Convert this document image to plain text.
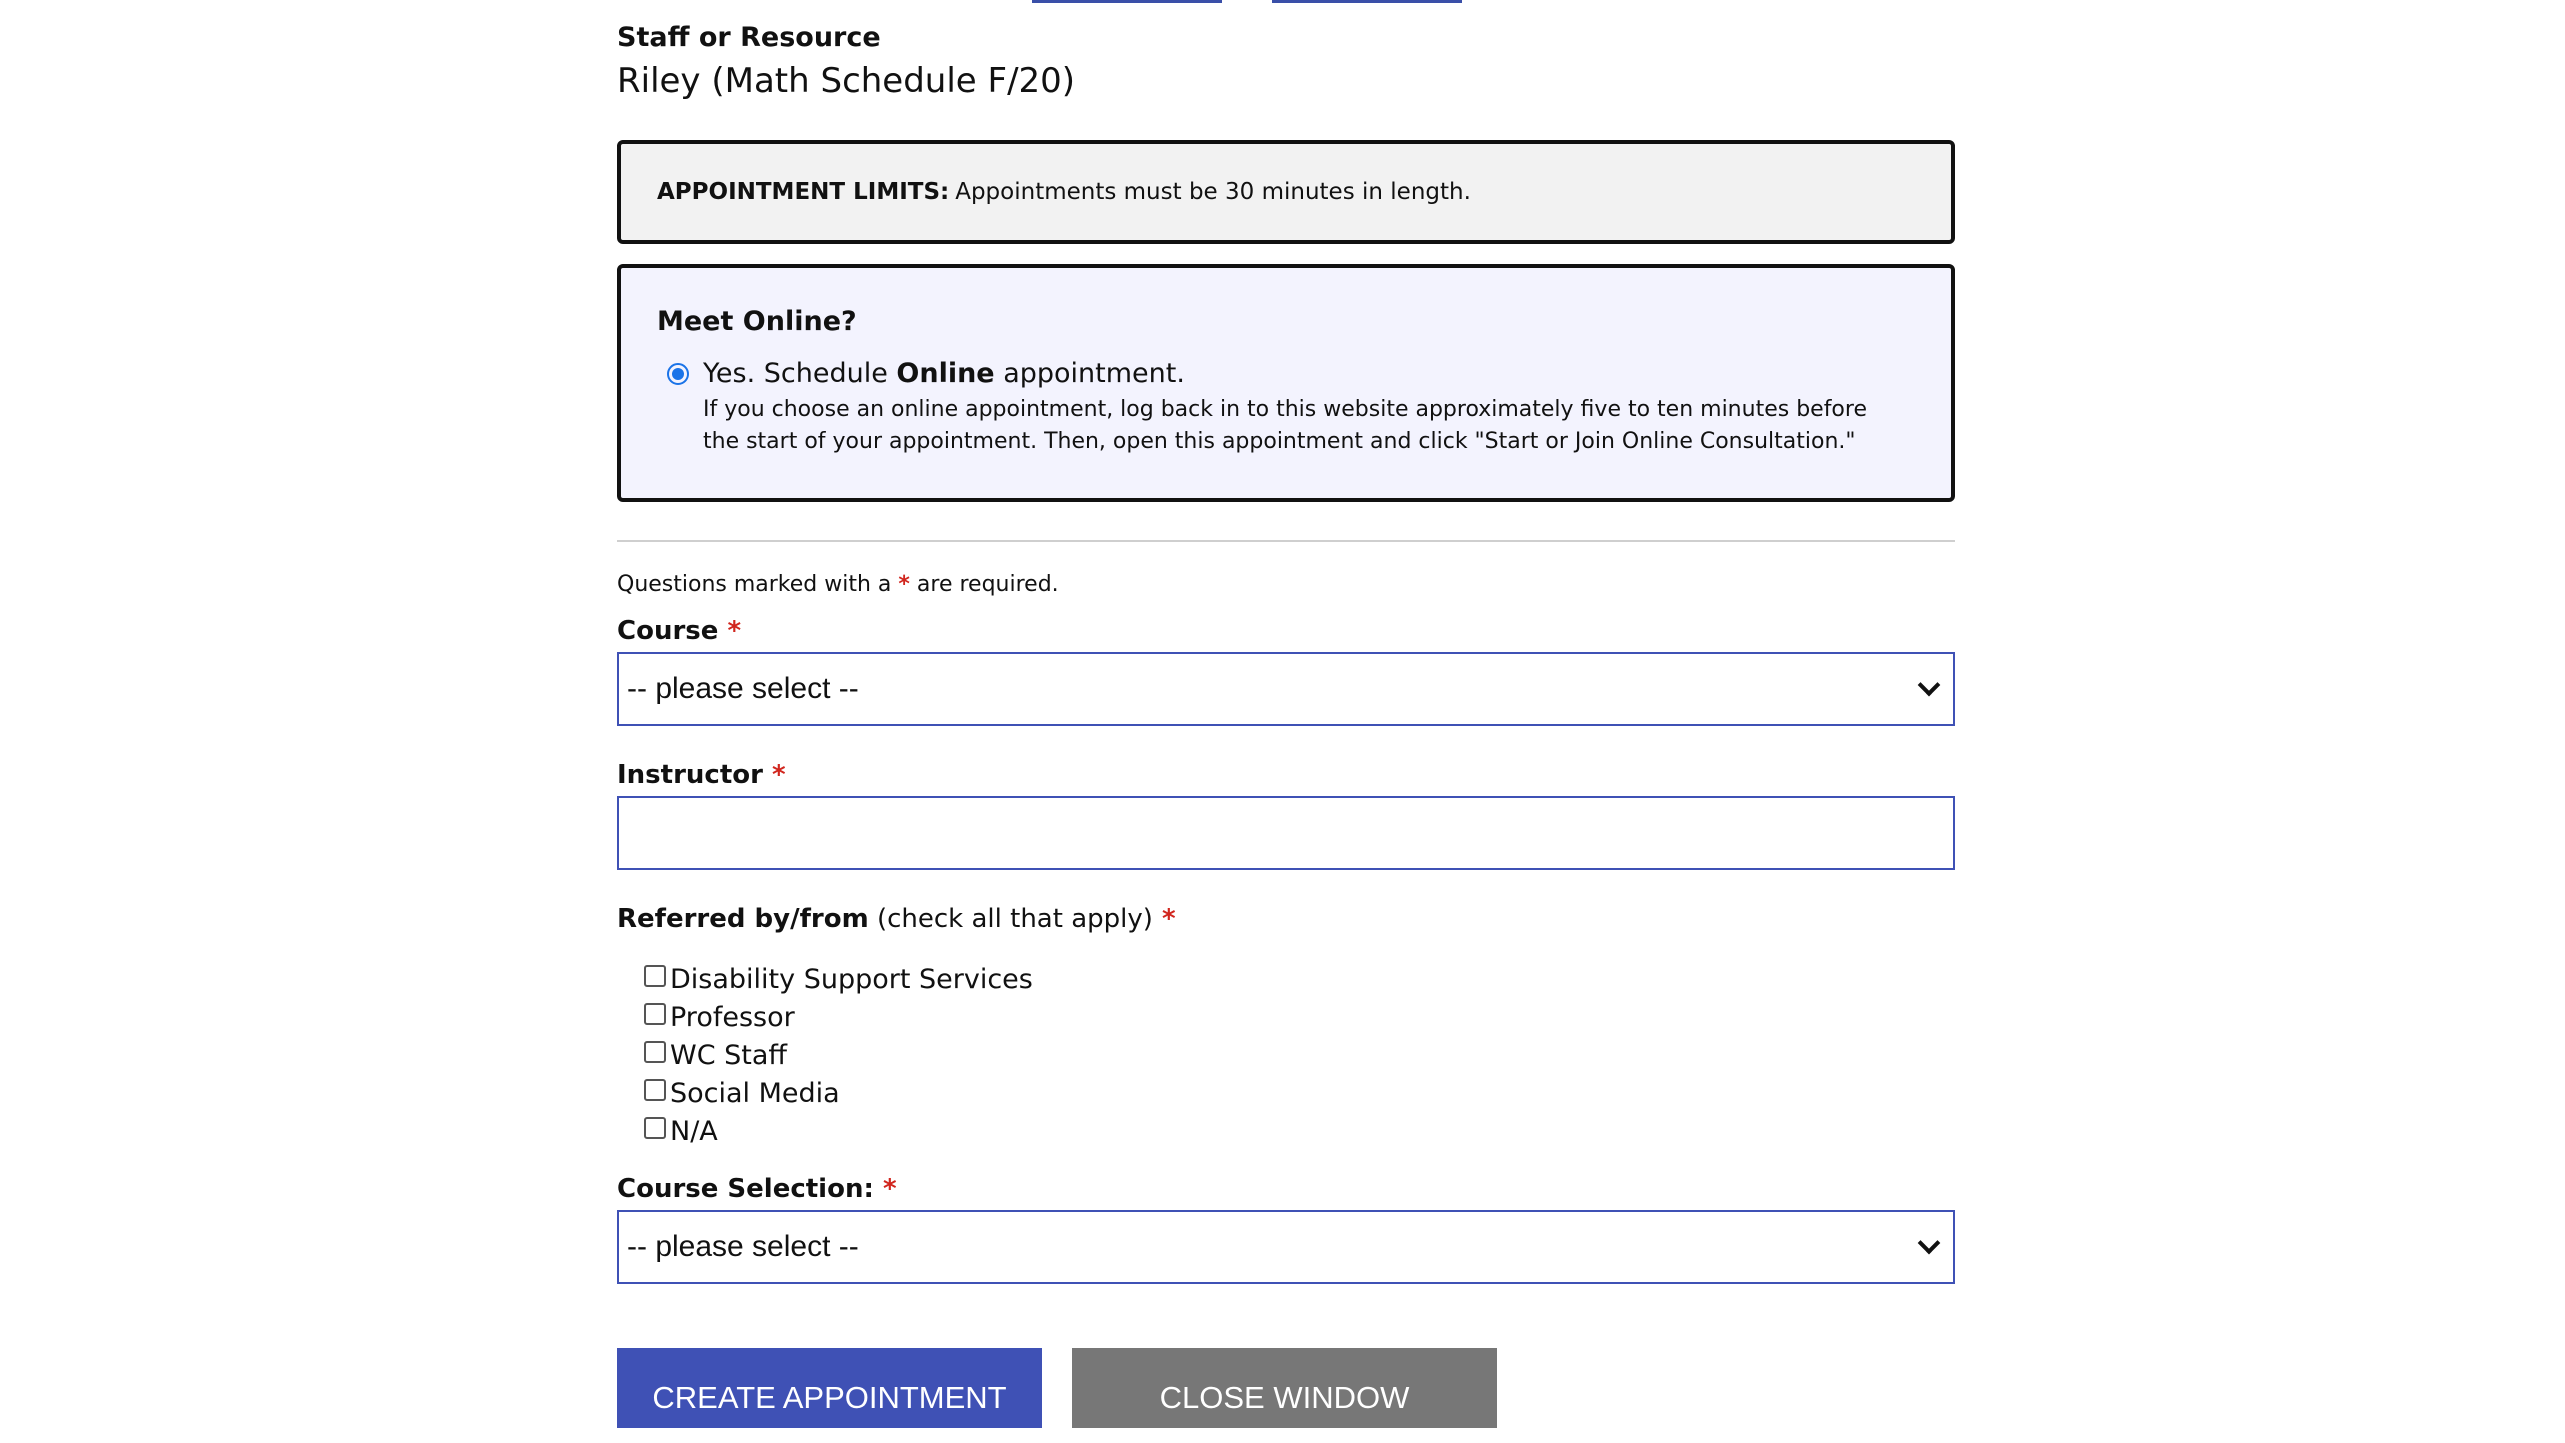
Staff or Resource
Riley (Math Schedule F/20)
APPOINTMENT LIMITS: Appointments must be 30 minutes in length.
Meet Online?
Yes. Schedule Online appointment.
If you choose an online appointment, log back in to this website approximately five to ten minutes before the start of your appointment. Then, open this appointment and click "Start or Join Online Consultation."
Questions marked with a * are required.
Course *
-- please select --
Instructor *
Referred by/from (check all that apply) *
Disability Support Services
Professor
WC Staff
Social Media
N/A
Course Selection: *
-- please select --
CREATE APPOINTMENT	CLOSE WINDOW
